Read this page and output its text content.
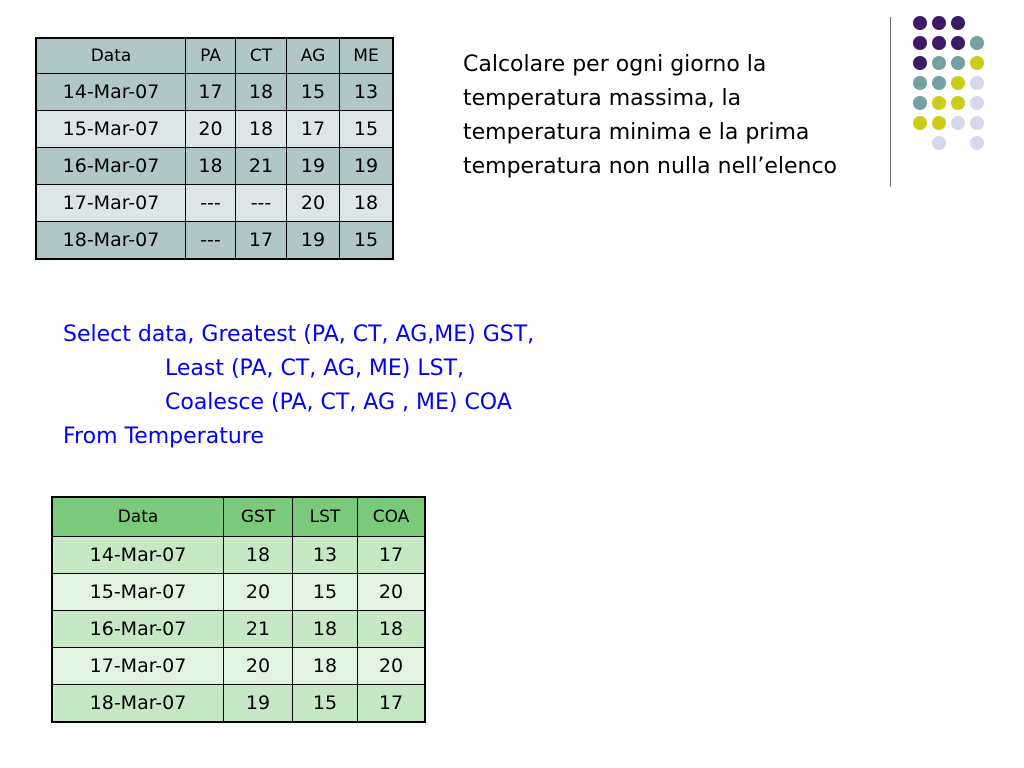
Data	PA	CT	AG	ME
14-Mar-07	17	18	15	13
15-Mar-07	20	18	17	15
16-Mar-07	18	21	19	19
17-Mar-07	---	---	20	18
18-Mar-07	---	17	19	15

Calcolare per ogni giorno la temperatura massima, la temperatura minima e la prima temperatura non nulla nell’elenco

Select data, Greatest (PA, CT, AG,ME) GST,
Least (PA, CT, AG, ME) LST,
Coalesce (PA, CT, AG , ME) COA
From Temperature
Data	GST	LST	COA
14-Mar-07	18	13	17
15-Mar-07	20	15	20
16-Mar-07	21	18	18
17-Mar-07	20	18	20
18-Mar-07	19	15	17
